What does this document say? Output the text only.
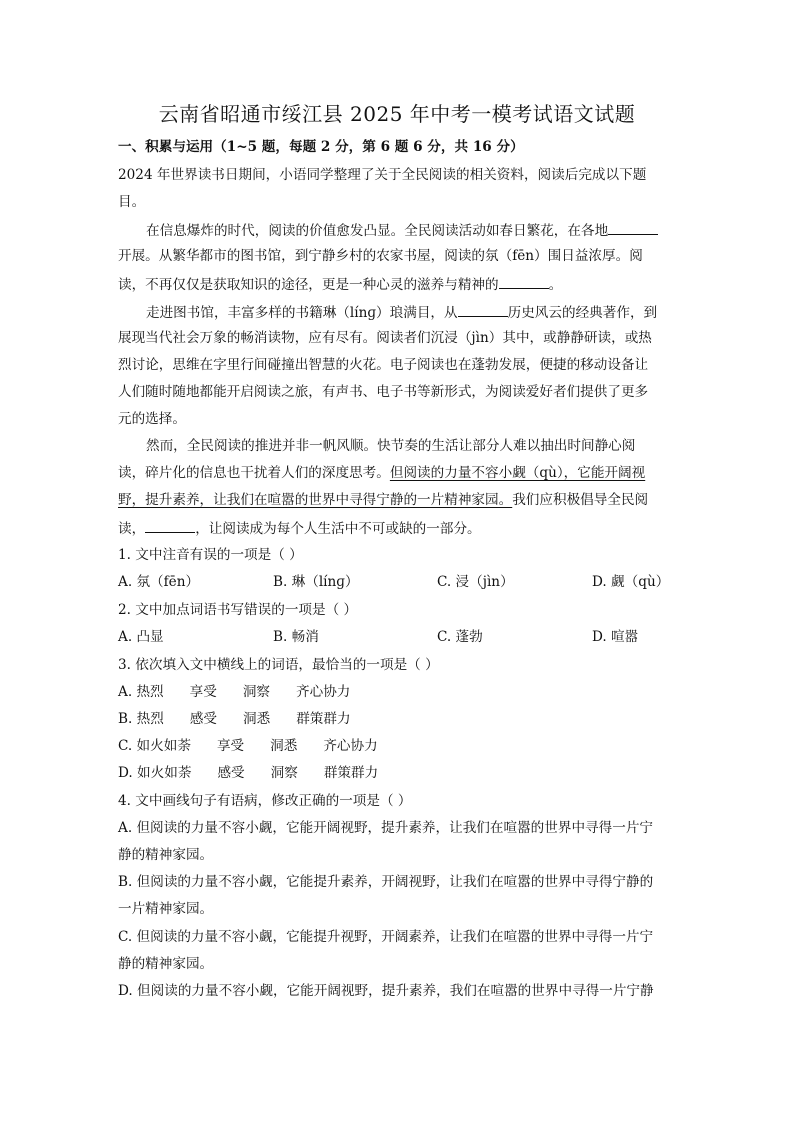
云南省昭通市绥江县 2025 年中考一模考试语文试题
一、积累与运用（1~5 题，每题 2 分，第 6 题 6 分，共 16 分）
2024 年世界读书日期间，小语同学整理了关于全民阅读的相关资料，阅读后完成以下题
目。
在信息爆炸的时代，阅读的价值愈发凸显。全民阅读活动如春日繁花，在各地
开展。从繁华都市的图书馆，到宁静乡村的农家书屋，阅读的氛（fēn）围日益浓厚。阅
读，不再仅仅是获取知识的途径，更是一种心灵的滋养与精神的	。
走进图书馆，丰富多样的书籍琳（línɡ）琅满目，从	历史风云的经典著作，到
展现当代社会万象的畅消读物，应有尽有。阅读者们沉浸（jìn）其中，或静静研读，或热
烈讨论，思维在字里行间碰撞出智慧的火花。电子阅读也在蓬勃发展，便捷的移动设备让
人们随时随地都能开启阅读之旅，有声书、电子书等新形式，为阅读爱好者们提供了更多
元的选择。
然而，全民阅读的推进并非一帆风顺。快节奏的生活让部分人难以抽出时间静心阅
读，碎片化的信息也干扰着人们的深度思考。但阅读的力量不容小觑（qù），它能开阔视
野，提升素养，让我们在喧嚣的世界中寻得宁静的一片精神家园。我们应积极倡导全民阅
读，	，让阅读成为每个人生活中不可或缺的一部分。
1. 文中注音有误的一项是（ ）
A. 氛（fēn）	B. 琳（línɡ）	C. 浸（jìn）	D. 觑（qù）
2. 文中加点词语书写错误的一项是（ ）
A. 凸显	B. 畅消	C. 蓬勃	D. 喧嚣
3. 依次填入文中横线上的词语，最恰当的一项是（ ）
A. 热烈 享受 洞察 齐心协力
B. 热烈 感受 洞悉 群策群力
C. 如火如荼 享受 洞悉 齐心协力
D. 如火如荼 感受 洞察 群策群力
4. 文中画线句子有语病，修改正确的一项是（ ）
A. 但阅读的力量不容小觑，它能开阔视野，提升素养，让我们在喧嚣的世界中寻得一片宁
静的精神家园。
B. 但阅读的力量不容小觑，它能提升素养，开阔视野，让我们在喧嚣的世界中寻得宁静的
一片精神家园。
C. 但阅读的力量不容小觑，它能提升视野，开阔素养，让我们在喧嚣的世界中寻得一片宁
静的精神家园。
D. 但阅读的力量不容小觑，它能开阔视野，提升素养，我们在喧嚣的世界中寻得一片宁静
